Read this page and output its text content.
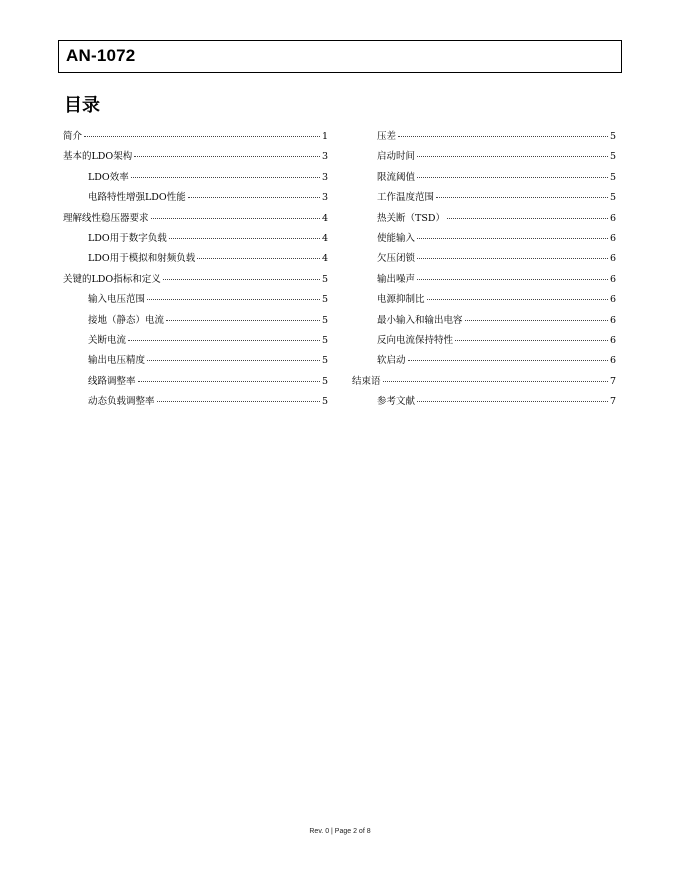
AN-1072
目录
简介	1
基本的LDO架构	3
LDO效率	3
电路特性增强LDO性能	3
理解线性稳压器要求	4
LDO用于数字负载	4
LDO用于模拟和射频负载	4
关键的LDO指标和定义	5
输入电压范围	5
接地（静态）电流	5
关断电流	5
输出电压精度	5
线路调整率	5
动态负载调整率	5
压差	5
启动时间	5
限流阈值	5
工作温度范围	5
热关断（TSD）	6
使能输入	6
欠压闭锁	6
输出噪声	6
电源抑制比	6
最小输入和输出电容	6
反向电流保持特性	6
软启动	6
结束语	7
参考文献	7
Rev. 0 | Page 2 of 8
